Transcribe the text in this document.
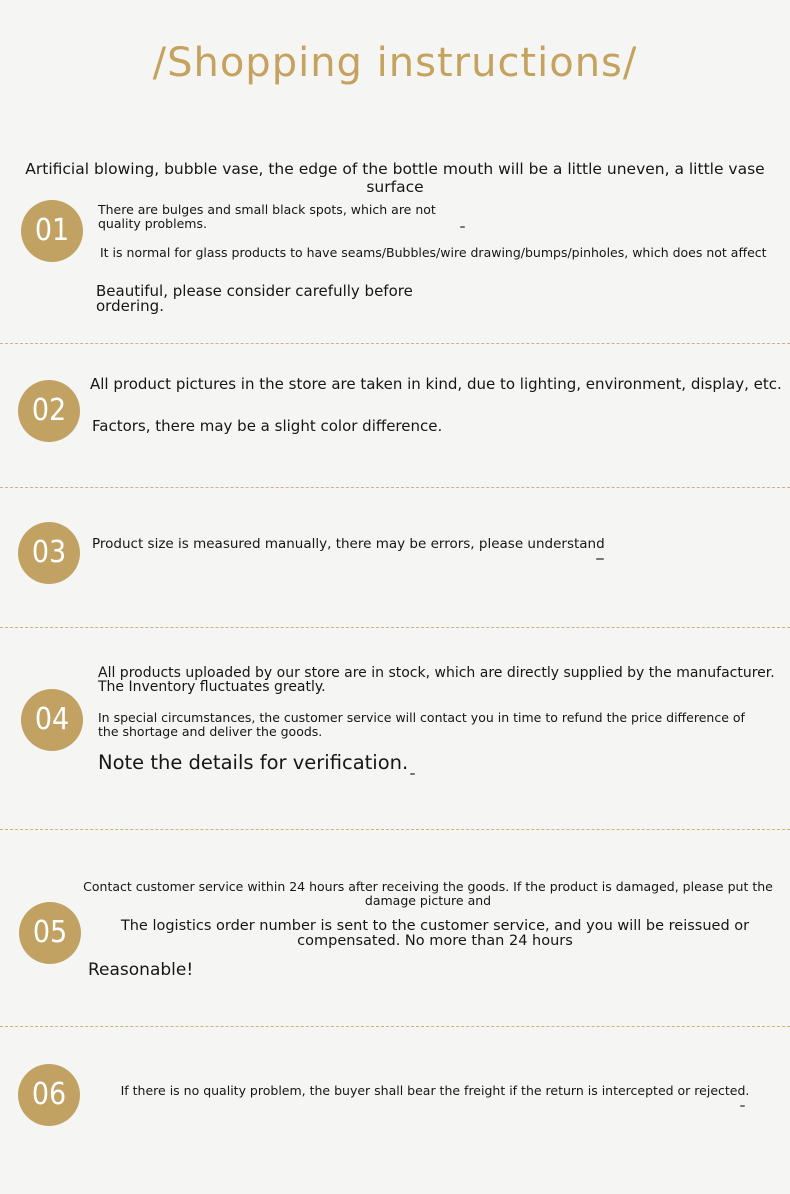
/Shopping instructions/
Artificial blowing, bubble vase, the edge of the bottle mouth will be a little uneven, a little vase surface
01
There are bulges and small black spots, which are not quality problems.
It is normal for glass products to have seams/Bubbles/wire drawing/bumps/pinholes, which does not affect
Beautiful, please consider carefully before ordering.
02
All product pictures in the store are taken in kind, due to lighting, environment, display, etc.
Factors, there may be a slight color difference.
03	Product size is measured manually, there may be errors, please understand
04
All products uploaded by our store are in stock, which are directly supplied by the manufacturer. The Inventory fluctuates greatly.
In special circumstances, the customer service will contact you in time to refund the price difference of the shortage and deliver the goods.
Note the details for verification.
05
Contact customer service within 24 hours after receiving the goods. If the product is damaged, please put the damage picture and
The logistics order number is sent to the customer service, and you will be reissued or compensated. No more than 24 hours
Reasonable!
06	If there is no quality problem, the buyer shall bear the freight if the return is intercepted or rejected.
